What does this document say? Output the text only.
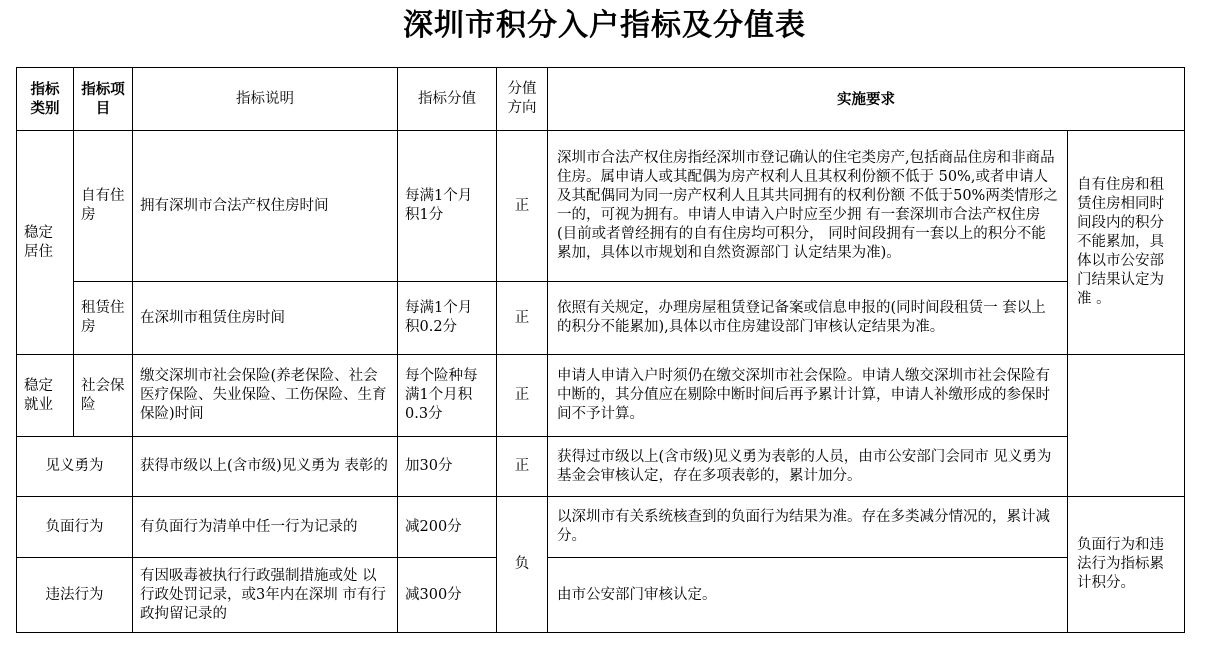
深圳市积分入户指标及分值表
指标类别	指标项目	指标说明	指标分值	分值方向	实施要求	
稳定居住	自有住房	拥有深圳市合法产权住房时间	每满1个月 积1分	正	深圳市合法产权住房指经深圳市登记确认的住宅类房产,包括商品住房和非商品住房。属申请人或其配偶为房产权利人且其权利份额不低于 50%,或者申请人及其配偶同为同一房产权利人且其共同拥有的权利份额 不低于50%两类情形之一的，可视为拥有。申请人申请入户时应至少拥 有一套深圳市合法产权住房(目前或者曾经拥有的自有住房均可积分， 同时间段拥有一套以上的积分不能累加，具体以市规划和自然资源部门 认定结果为准)。	自有住房和租赁住房相同时间段内的积分 不能累加，具体以市公安部 门结果认定为准 。
	租赁住房	在深圳市租赁住房时间	每满1个月 积0.2分	正	依照有关规定，办理房屋租赁登记备案或信息申报的(同时间段租赁一 套以上的积分不能累加),具体以市住房建设部门审核认定结果为准。	
稳定就业	社会保险	缴交深圳市社会保险(养老保险、社会医疗保险、失业保险、工伤保险、生育保险)时间	每个险种每满1个月积0.3分	正	申请人申请入户时须仍在缴交深圳市社会保险。申请人缴交深圳市社会保险有中断的，其分值应在剔除中断时间后再予累计计算，申请人补缴形成的参保时间不予计算。	
见义勇为		获得市级以上(含市级)见义勇为 表彰的	加30分	正	获得过市级以上(含市级)见义勇为表彰的人员，由市公安部门会同市 见义勇为基金会审核认定，存在多项表彰的，累计加分。	
负面行为		有负面行为清单中任一行为记录的	减200分	负	以深圳市有关系统核查到的负面行为结果为准。存在多类减分情况的，累计减分。	负面行为和违法行为指标累 计积分。
违法行为		有因吸毒被执行行政强制措施或处 以行政处罚记录，或3年内在深圳 市有行政拘留记录的	减300分		由市公安部门审核认定。	
